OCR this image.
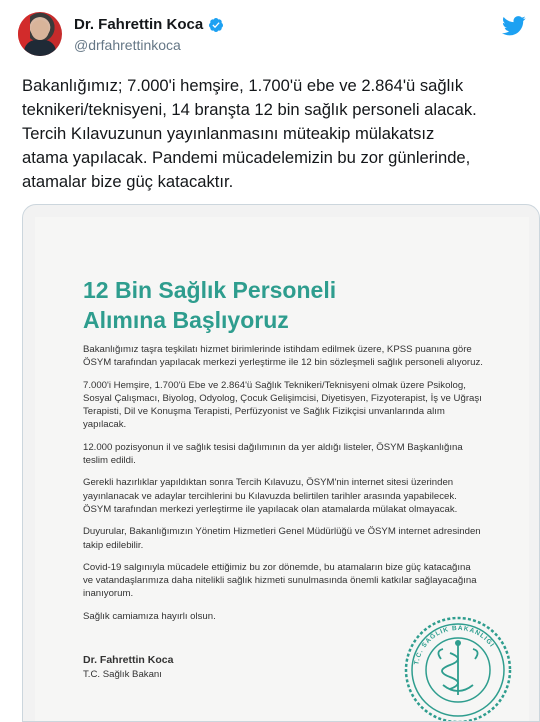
Dr. Fahrettin Koca
@drfahrettinkoca
Bakanlığımız; 7.000'i hemşire, 1.700'ü ebe ve 2.864'ü sağlık
teknikeri/teknisyeni, 14 branşta 12 bin sağlık personeli alacak.
Tercih Kılavuzunun yayınlanmasını müteakip mülakatsız
atama yapılacak. Pandemi mücadelemizin bu zor günlerinde,
atamalar bize güç katacaktır.
12 Bin Sağlık Personeli
Alımına Başlıyoruz

Bakanlığımız taşra teşkilatı hizmet birimlerinde istihdam edilmek üzere, KPSS puanına göre ÖSYM tarafından yapılacak merkezi yerleştirme ile 12 bin sözleşmeli sağlık personeli alıyoruz.

7.000'i Hemşire, 1.700'ü Ebe ve 2.864'ü Sağlık Teknikeri/Teknisyeni olmak üzere Psikolog, Sosyal Çalışmacı, Biyolog, Odyolog, Çocuk Gelişimcisi, Diyetisyen, Fizyoterapist, İş ve Uğraşı Terapisti, Dil ve Konuşma Terapisti, Perfüzyonist ve Sağlık Fizikçisi unvanlarında alım yapılacak.

12.000 pozisyonun il ve sağlık tesisi dağılımının da yer aldığı listeler, ÖSYM Başkanlığına teslim edildi.

Gerekli hazırlıklar yapıldıktan sonra Tercih Kılavuzu, ÖSYM'nin internet sitesi üzerinden yayınlanacak ve adaylar tercihlerini bu Kılavuzda belirtilen tarihler arasında yapabilecek. ÖSYM tarafından merkezi yerleştirme ile yapılacak olan atamalarda mülakat olmayacak.

Duyurular, Bakanlığımızın Yönetim Hizmetleri Genel Müdürlüğü ve ÖSYM internet adresinden takip edilebilir.

Covid-19 salgınıyla mücadele ettiğimiz bu zor dönemde, bu atamaların bize güç katacağına ve vatandaşlarımıza daha nitelikli sağlık hizmeti sunulmasında önemli katkılar sağlayacağına inanıyorum.

Sağlık camiamıza hayırlı olsun.

Dr. Fahrettin Koca
T.C. Sağlık Bakanı
T.C. SAĞLIK BAKANLIĞI
